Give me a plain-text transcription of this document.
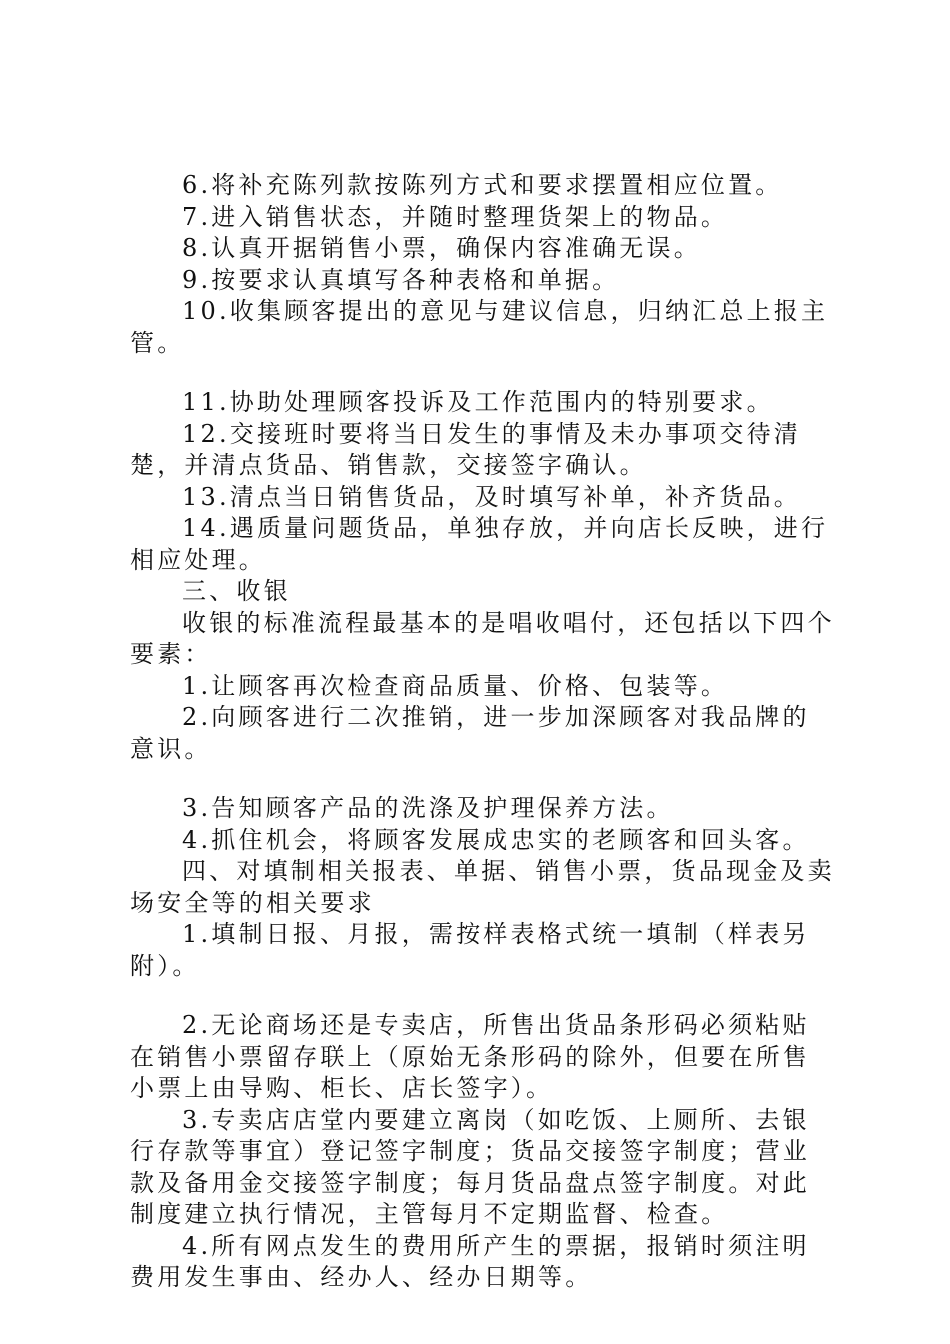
6.将补充陈列款按陈列方式和要求摆置相应位置。

7.进入销售状态，并随时整理货架上的物品。

8.认真开据销售小票，确保内容准确无误。

9.按要求认真填写各种表格和单据。

10.收集顾客提出的意见与建议信息，归纳汇总上报主管。

11.协助处理顾客投诉及工作范围内的特别要求。

12.交接班时要将当日发生的事情及未办事项交待清楚，并清点货品、销售款，交接签字确认。

13.清点当日销售货品，及时填写补单，补齐货品。

14.遇质量问题货品，单独存放，并向店长反映，进行相应处理。

三、收银

收银的标准流程最基本的是唱收唱付，还包括以下四个要素：

1.让顾客再次检查商品质量、价格、包装等。

2.向顾客进行二次推销，进一步加深顾客对我品牌的意识。

3.告知顾客产品的洗涤及护理保养方法。

4.抓住机会，将顾客发展成忠实的老顾客和回头客。

四、对填制相关报表、单据、销售小票，货品现金及卖场安全等的相关要求

1.填制日报、月报，需按样表格式统一填制（样表另附）。

2.无论商场还是专卖店，所售出货品条形码必须粘贴在销售小票留存联上（原始无条形码的除外，但要在所售小票上由导购、柜长、店长签字）。

3.专卖店店堂内要建立离岗（如吃饭、上厕所、去银行存款等事宜）登记签字制度；货品交接签字制度；营业款及备用金交接签字制度；每月货品盘点签字制度。对此制度建立执行情况，主管每月不定期监督、检查。

4.所有网点发生的费用所产生的票据，报销时须注明费用发生事由、经办人、经办日期等。
